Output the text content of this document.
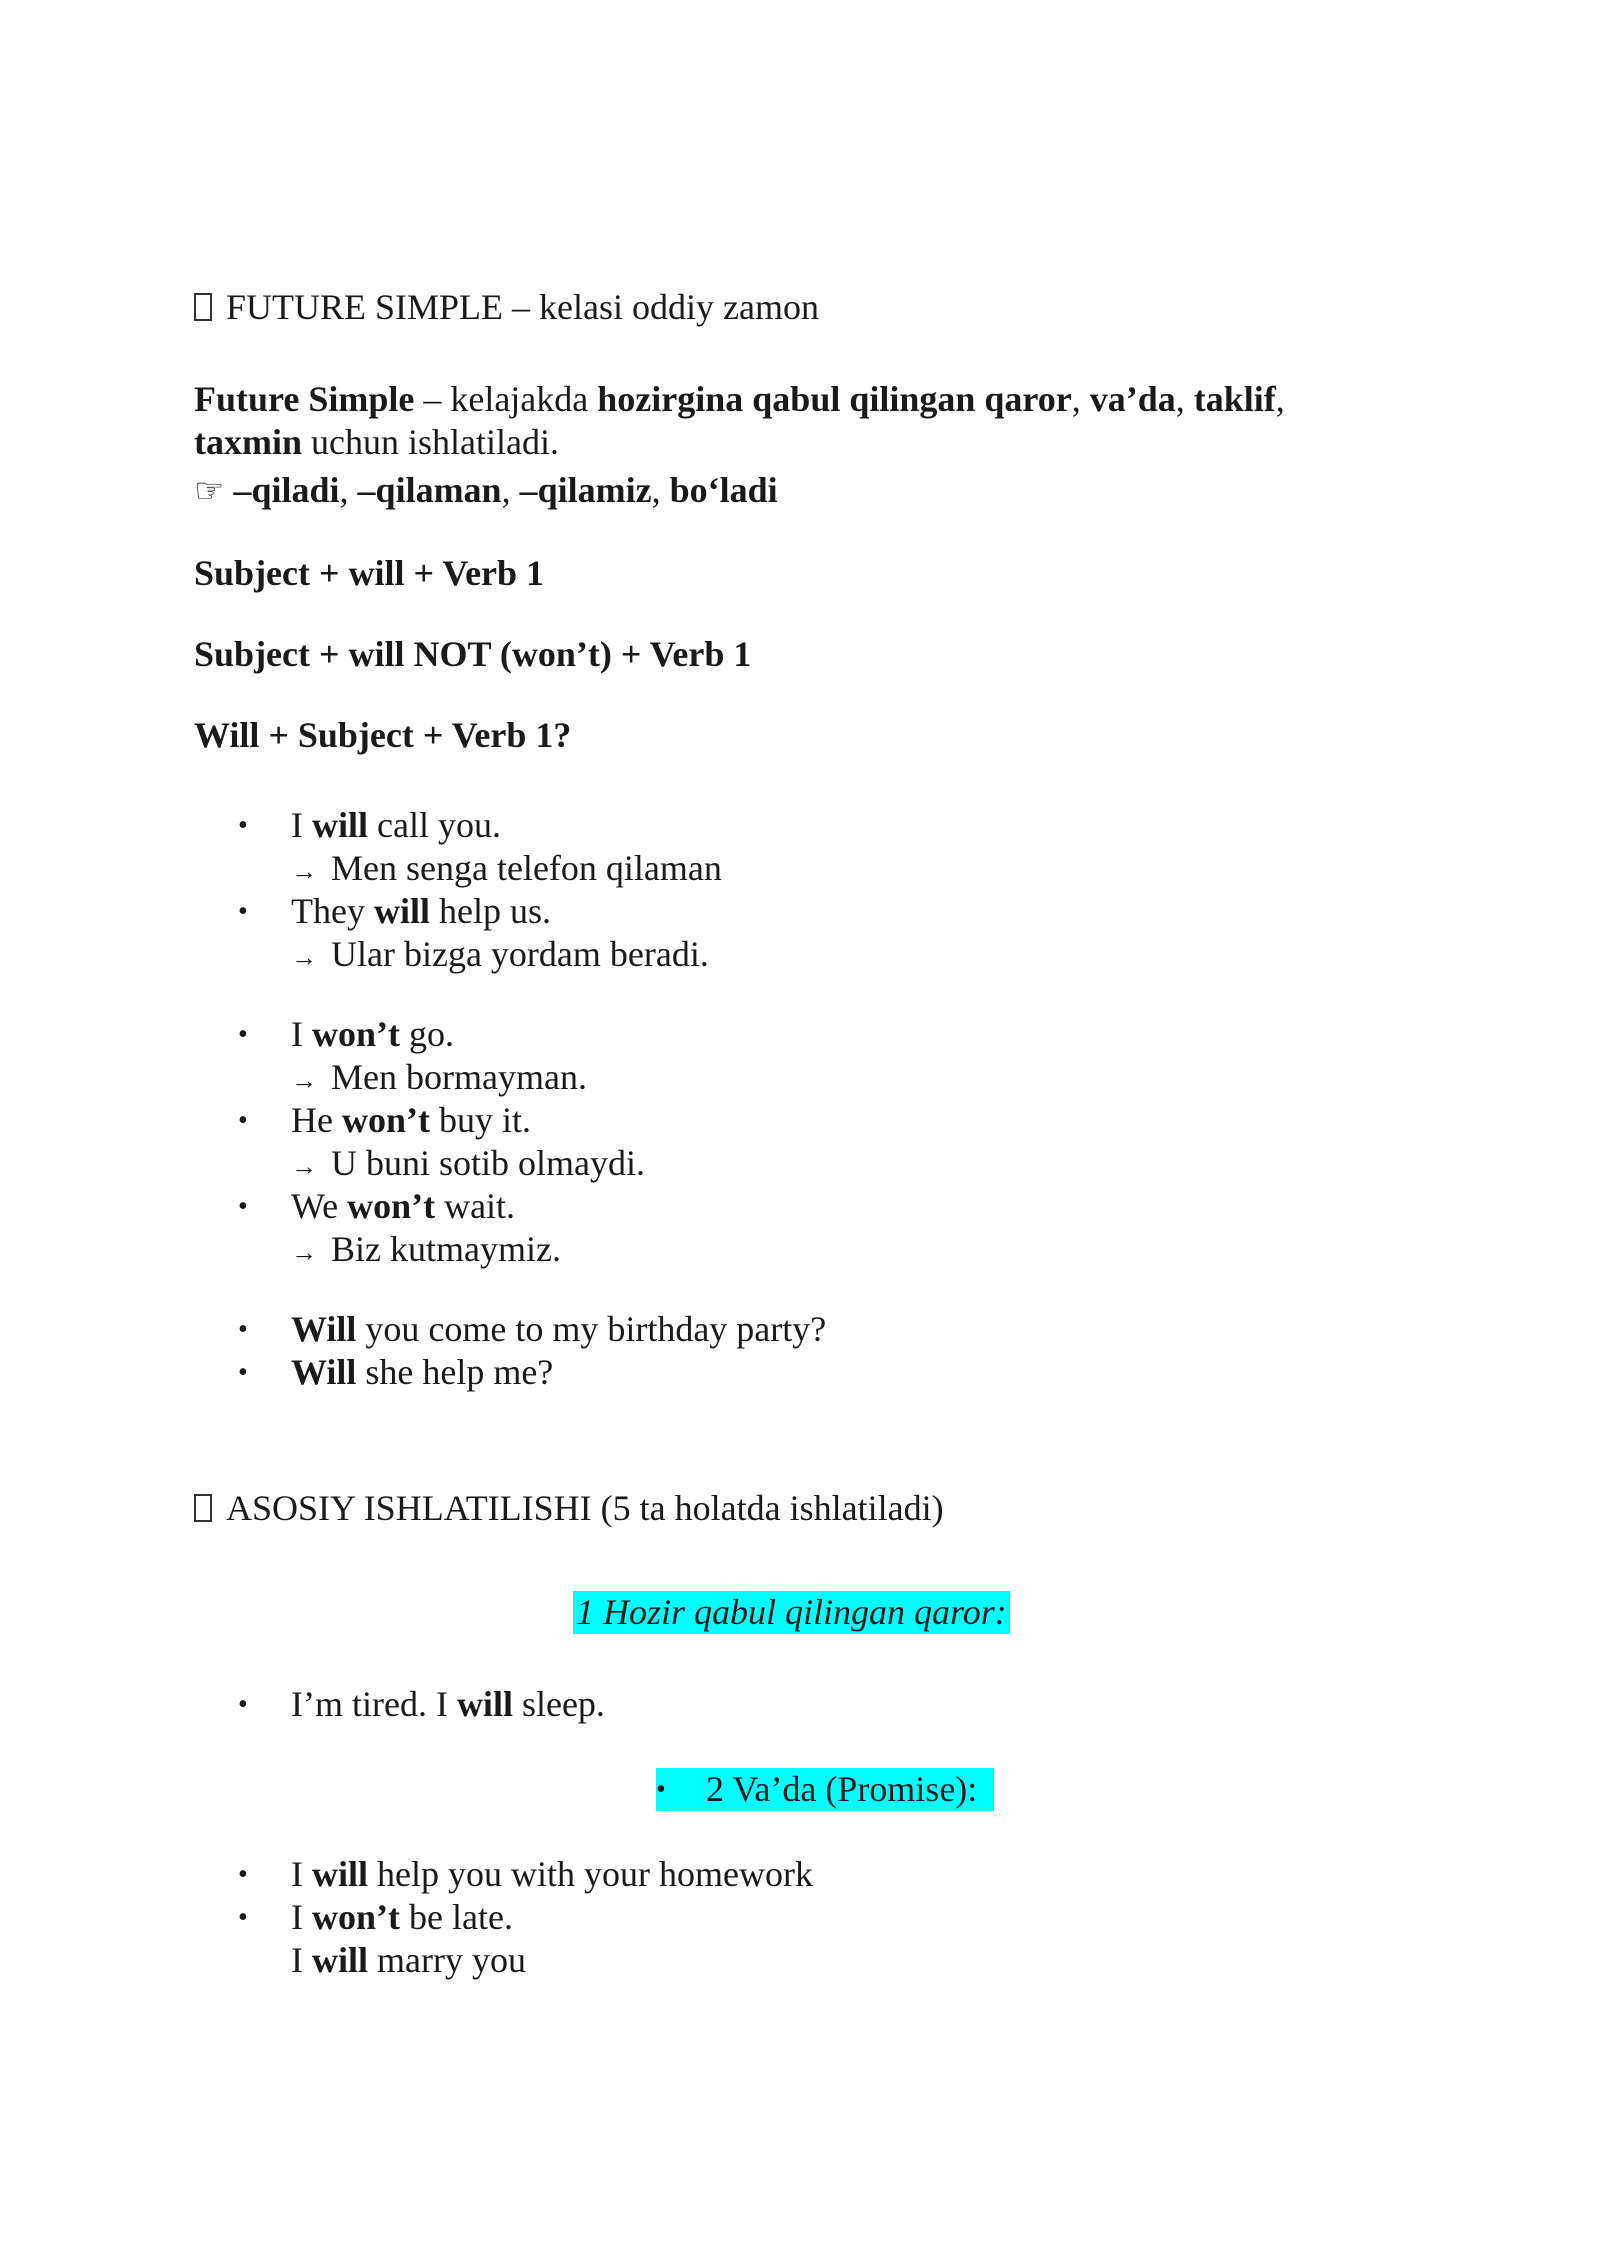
FUTURE SIMPLE – kelasi oddiy zamon
Future Simple – kelajakda hozirgina qabul qilingan qaror, va’da, taklif,
taxmin uchun ishlatiladi.
☞ –qiladi, –qilaman, –qilamiz, bo‘ladi
Subject + will + Verb 1
Subject + will NOT (won’t) + Verb 1
Will + Subject + Verb 1?
• I will call you.
→ Men senga telefon qilaman
• They will help us.
→ Ular bizga yordam beradi.
• I won’t go.
→ Men bormayman.
• He won’t buy it.
→ U buni sotib olmaydi.
• We won’t wait.
→ Biz kutmaymiz.
• Will you come to my birthday party?
• Will she help me?
ASOSIY ISHLATILISHI (5 ta holatda ishlatiladi)
1 Hozir qabul qilingan qaror:
• I’m tired. I will sleep.
• 2 Va’da (Promise):
• I will help you with your homework
• I won’t be late.
I will marry you
